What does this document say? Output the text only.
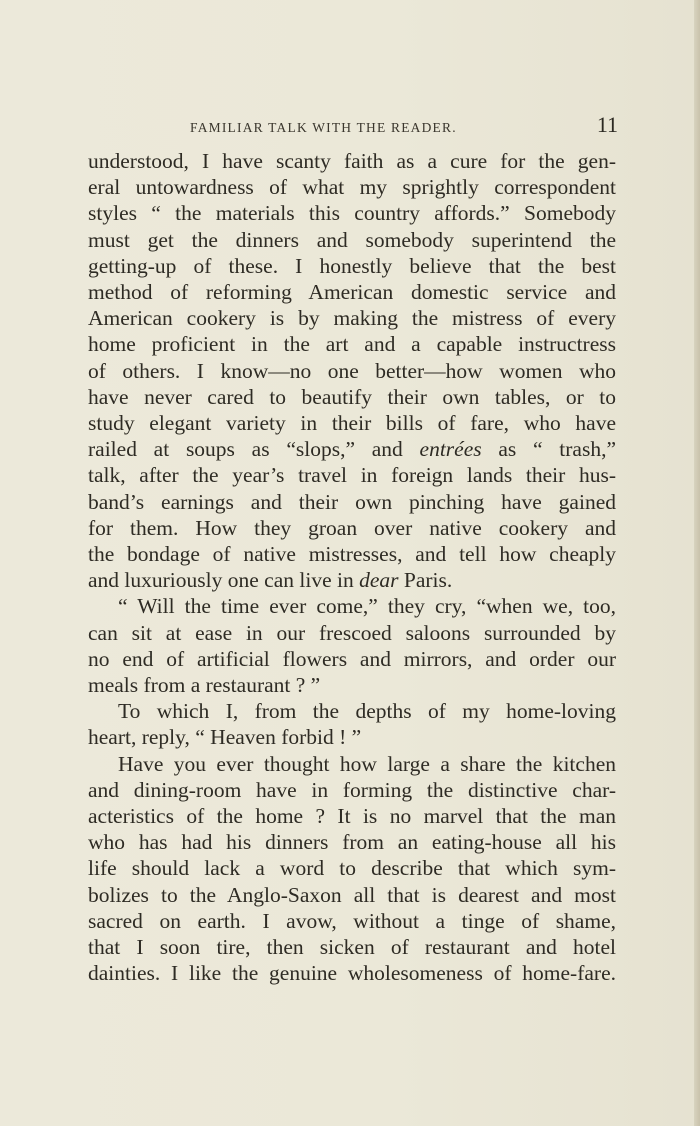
FAMILIAR TALK WITH THE READER.	11
understood, I have scanty faith as a cure for the gen-
eral untowardness of what my sprightly correspondent
styles “ the materials this country affords.” Somebody
must get the dinners and somebody superintend the
getting-up of these. I honestly believe that the best
method of reforming American domestic service and
American cookery is by making the mistress of every
home proficient in the art and a capable instructress
of others. I know—no one better—how women who
have never cared to beautify their own tables, or to
study elegant variety in their bills of fare, who have
railed at soups as “slops,” and entrées as “ trash,”
talk, after the year’s travel in foreign lands their hus-
band’s earnings and their own pinching have gained
for them. How they groan over native cookery and
the bondage of native mistresses, and tell how cheaply
and luxuriously one can live in dear Paris.
“ Will the time ever come,” they cry, “when we, too,
can sit at ease in our frescoed saloons surrounded by
no end of artificial flowers and mirrors, and order our
meals from a restaurant ? ”
To which I, from the depths of my home-loving
heart, reply, “ Heaven forbid ! ”
Have you ever thought how large a share the kitchen
and dining-room have in forming the distinctive char-
acteristics of the home ? It is no marvel that the man
who has had his dinners from an eating-house all his
life should lack a word to describe that which sym-
bolizes to the Anglo-Saxon all that is dearest and most
sacred on earth. I avow, without a tinge of shame,
that I soon tire, then sicken of restaurant and hotel
dainties. I like the genuine wholesomeness of home-fare.
